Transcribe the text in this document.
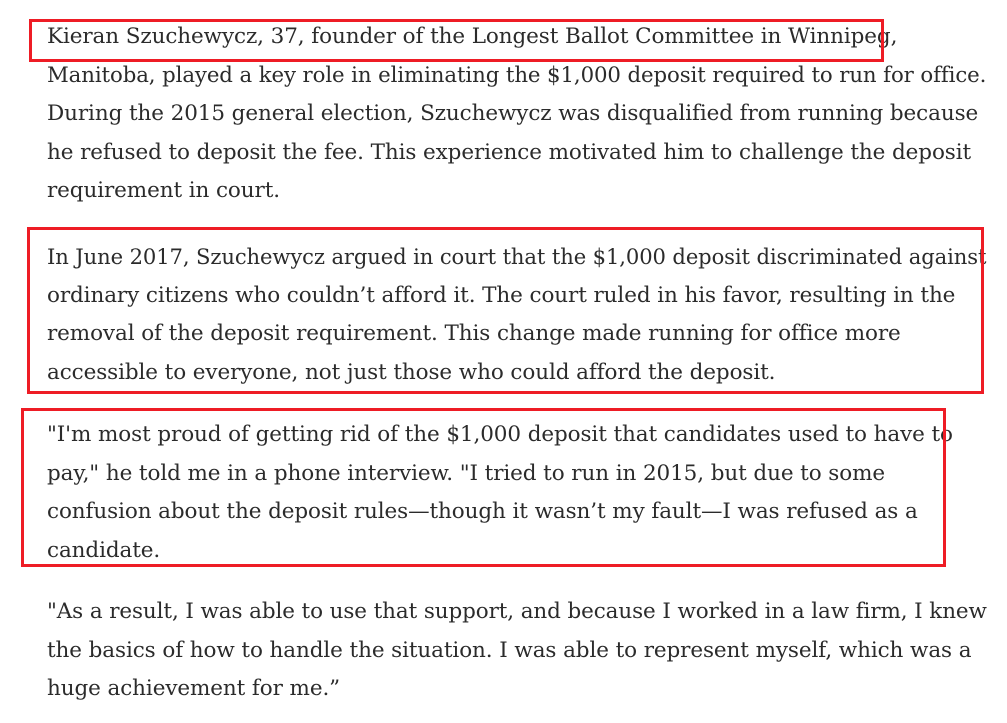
Kieran Szuchewycz, 37, founder of the Longest Ballot Committee in Winnipeg,
Manitoba, played a key role in eliminating the $1,000 deposit required to run for office.
During the 2015 general election, Szuchewycz was disqualified from running because
he refused to deposit the fee. This experience motivated him to challenge the deposit
requirement in court.

In June 2017, Szuchewycz argued in court that the $1,000 deposit discriminated against
ordinary citizens who couldn’t afford it. The court ruled in his favor, resulting in the
removal of the deposit requirement. This change made running for office more
accessible to everyone, not just those who could afford the deposit.

"I'm most proud of getting rid of the $1,000 deposit that candidates used to have to
pay," he told me in a phone interview. "I tried to run in 2015, but due to some
confusion about the deposit rules—though it wasn’t my fault—I was refused as a
candidate.

"As a result, I was able to use that support, and because I worked in a law firm, I knew
the basics of how to handle the situation. I was able to represent myself, which was a
huge achievement for me.”
